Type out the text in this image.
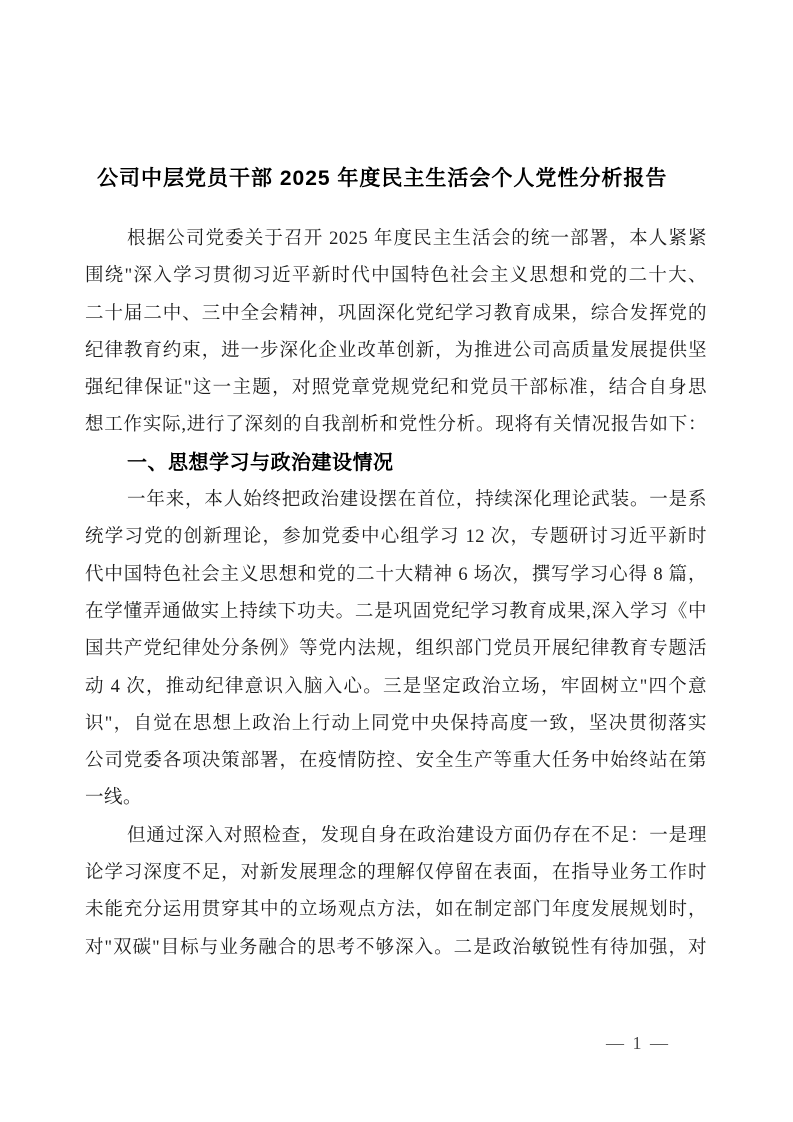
公司中层党员干部 2025 年度民主生活会个人党性分析报告
根据公司党委关于召开 2025 年度民主生活会的统一部署，本人紧紧
围绕"深入学习贯彻习近平新时代中国特色社会主义思想和党的二十大、
二十届二中、三中全会精神，巩固深化党纪学习教育成果，综合发挥党的
纪律教育约束，进一步深化企业改革创新，为推进公司高质量发展提供坚
强纪律保证"这一主题，对照党章党规党纪和党员干部标准，结合自身思
想工作实际,进行了深刻的自我剖析和党性分析。现将有关情况报告如下：
一、思想学习与政治建设情况
一年来，本人始终把政治建设摆在首位，持续深化理论武装。一是系
统学习党的创新理论，参加党委中心组学习 12 次，专题研讨习近平新时
代中国特色社会主义思想和党的二十大精神 6 场次，撰写学习心得 8 篇，
在学懂弄通做实上持续下功夫。二是巩固党纪学习教育成果,深入学习《中
国共产党纪律处分条例》等党内法规，组织部门党员开展纪律教育专题活
动 4 次，推动纪律意识入脑入心。三是坚定政治立场，牢固树立"四个意
识"，自觉在思想上政治上行动上同党中央保持高度一致，坚决贯彻落实
公司党委各项决策部署，在疫情防控、安全生产等重大任务中始终站在第
一线。
但通过深入对照检查，发现自身在政治建设方面仍存在不足：一是理
论学习深度不足，对新发展理念的理解仅停留在表面，在指导业务工作时
未能充分运用贯穿其中的立场观点方法，如在制定部门年度发展规划时，
对"双碳"目标与业务融合的思考不够深入。二是政治敏锐性有待加强，对
— 1 —
